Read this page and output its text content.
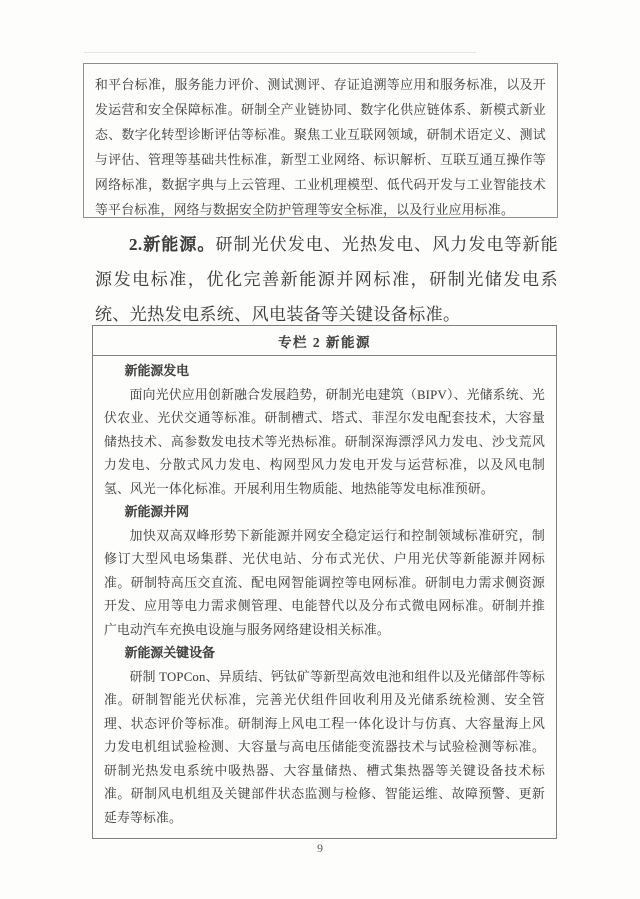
和平台标准，服务能力评价、测试测评、存证追溯等应用和服务标准，以及开发运营和安全保障标准。研制全产业链协同、数字化供应链体系、新模式新业态、数字化转型诊断评估等标准。聚焦工业互联网领域，研制术语定义、测试与评估、管理等基础共性标准，新型工业网络、标识解析、互联互通互操作等网络标准，数据字典与上云管理、工业机理模型、低代码开发与工业智能技术等平台标准，网络与数据安全防护管理等安全标准，以及行业应用标准。
2.新能源。研制光伏发电、光热发电、风力发电等新能源发电标准，优化完善新能源并网标准，研制光储发电系统、光热发电系统、风电装备等关键设备标准。
专栏 2 新能源
新能源发电
面向光伏应用创新融合发展趋势，研制光电建筑（BIPV）、光储系统、光伏农业、光伏交通等标准。研制槽式、塔式、菲涅尔发电配套技术，大容量储热技术、高参数发电技术等光热标准。研制深海漂浮风力发电、沙戈荒风力发电、分散式风力发电、构网型风力发电开发与运营标准，以及风电制氢、风光一体化标准。开展利用生物质能、地热能等发电标准预研。
新能源并网
加快双高双峰形势下新能源并网安全稳定运行和控制领域标准研究，制修订大型风电场集群、光伏电站、分布式光伏、户用光伏等新能源并网标准。研制特高压交直流、配电网智能调控等电网标准。研制电力需求侧资源开发、应用等电力需求侧管理、电能替代以及分布式微电网标准。研制并推广电动汽车充换电设施与服务网络建设相关标准。
新能源关键设备
研制 TOPCon、异质结、钙钛矿等新型高效电池和组件以及光储部件等标准。研制智能光伏标准，完善光伏组件回收利用及光储系统检测、安全管理、状态评价等标准。研制海上风电工程一体化设计与仿真、大容量海上风力发电机组试验检测、大容量与高电压储能变流器技术与试验检测等标准。研制光热发电系统中吸热器、大容量储热、槽式集热器等关键设备技术标准。研制风电机组及关键部件状态监测与检修、智能运维、故障预警、更新延寿等标准。
9
